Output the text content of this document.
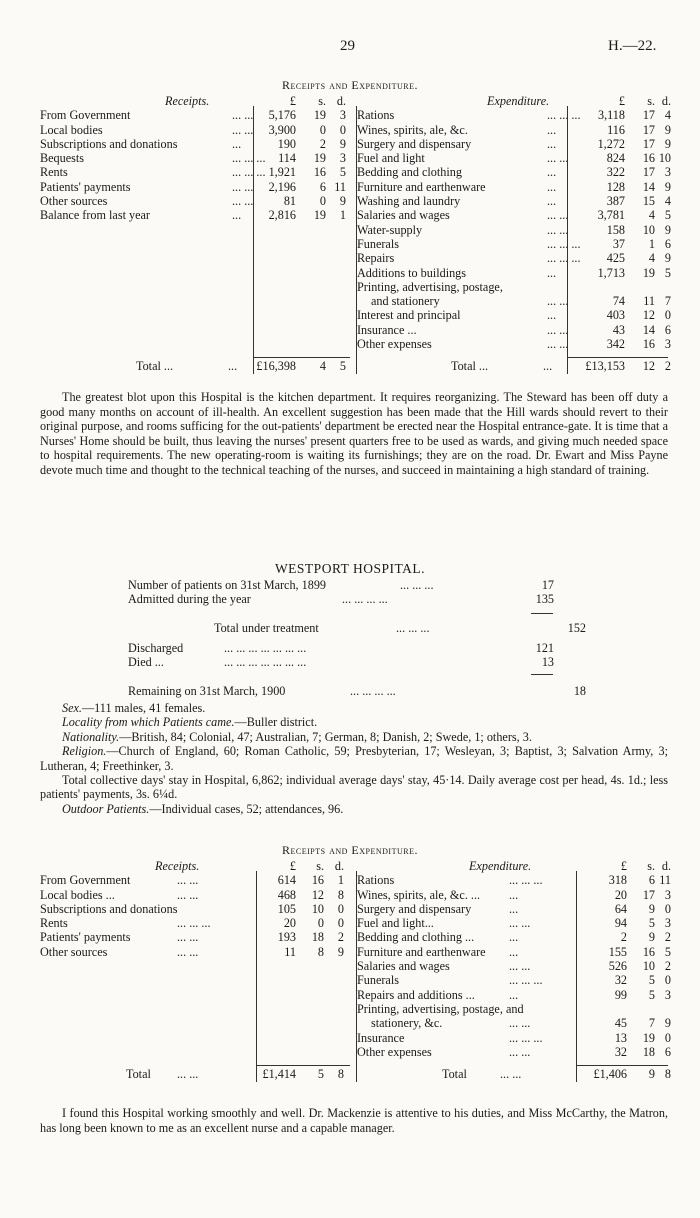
29	H.—22.
Receipts and Expenditure.
Receipts.	£	s. d.
From Government	... ...	5,176	19	3
Local bodies	... ...	3,900	0	0
Subscriptions and donations	...	190	2	9
Bequests	... ... ...	114	19	3
Rents	... ... ... 1,921	16	5
Patients' payments	... ...	2,196	6 11
Other sources	... ...	81	0	9
Balance from last year	...	2,816	19	1
Expenditure.	£	s. d.
Rations	... ... ...	3,118	17 4
Wines, spirits, ale, &c.	...	116	17 9
Surgery and dispensary	...	1,272	17 9
Fuel and light	... ...	824	16 10
Bedding and clothing	...	322	17 3
Furniture and earthenware	...	128	14 9
Washing and laundry	...	387	15 4
Salaries and wages	... ...	3,781	4 5
Water-supply	... ...	158	10 9
Funerals	... ... ...	37	1 6
Repairs	... ... ...	425	4 9
Additions to buildings	...	1,713	19 5
Printing, advertising, postage,
and stationery	... ...	74	11 7
Interest and principal	...	403	12 0
Insurance ...	... ...	43	14 6
Other expenses	... ...	342	16 3
Total ...	...	£16,398	4	5	Total ...	...	£13,153	12 2

The greatest blot upon this Hospital is the kitchen department. It requires reorganizing. The Steward has been off duty a good many months on account of ill-health. An excellent suggestion has been made that the Hill wards should revert to their original purpose, and rooms sufficing for the out-patients' department be erected near the Hospital entrance-gate. It is time that a Nurses' Home should be built, thus leaving the nurses' present quarters free to be used as wards, and giving much needed space to hospital requirements. The new operating-room is waiting its furnishings; they are on the road. Dr. Ewart and Miss Payne devote much time and thought to the technical teaching of the nurses, and succeed in maintaining a high standard of training.

WESTPORT HOSPITAL.
Number of patients on 31st March, 1899	... ... ...	17
Admitted during the year	... ... ... ...	135
Total under treatment	... ... ...	152
Discharged	... ... ... ... ... ... ...	121
Died ...	... ... ... ... ... ... ...	13
Remaining on 31st March, 1900	... ... ... ...	18

Sex.—111 males, 41 females.

Locality from which Patients came.—Buller district.

Nationality.—British, 84; Colonial, 47; Australian, 7; German, 8; Danish, 2; Swede, 1; others, 3.

Religion.—Church of England, 60; Roman Catholic, 59; Presbyterian, 17; Wesleyan, 3; Baptist, 3; Salvation Army, 3; Lutheran, 4; Freethinker, 3.

Total collective days' stay in Hospital, 6,862; individual average days' stay, 45·14. Daily average cost per head, 4s. 1d.; less patients' payments, 3s. 6¼d.

Outdoor Patients.—Individual cases, 52; attendances, 96.

Receipts and Expenditure.
Receipts.	£	s. d.
From Government	... ...	614	16	1
Local bodies ...	... ...	468	12	8
Subscriptions and donations	105	10	0
Rents	... ... ...	20	0	0
Patients' payments	... ...	193	18	2
Other sources	... ...	11	8	9
Expenditure.	£	s. d.
Rations	... ... ...	318	6 11
Wines, spirits, ale, &c. ... ...	20	17 3
Surgery and dispensary	...	64	9 0
Fuel and light...	... ...	94	5 3
Bedding and clothing ...	...	2	9 2
Furniture and earthenware ...	155	16 5
Salaries and wages	... ...	526	10 2
Funerals	... ... ...	32	5 0
Repairs and additions ...	...	99	5 3
Printing, advertising, postage, and
stationery, &c.	... ...	45	7 9
Insurance	... ... ...	13	19 0
Other expenses	... ...	32	18 6
Total ... ...	£1,414	5	8	Total	... ...	£1,406	9 8

I found this Hospital working smoothly and well. Dr. Mackenzie is attentive to his duties, and Miss McCarthy, the Matron, has long been known to me as an excellent nurse and a capable manager.
